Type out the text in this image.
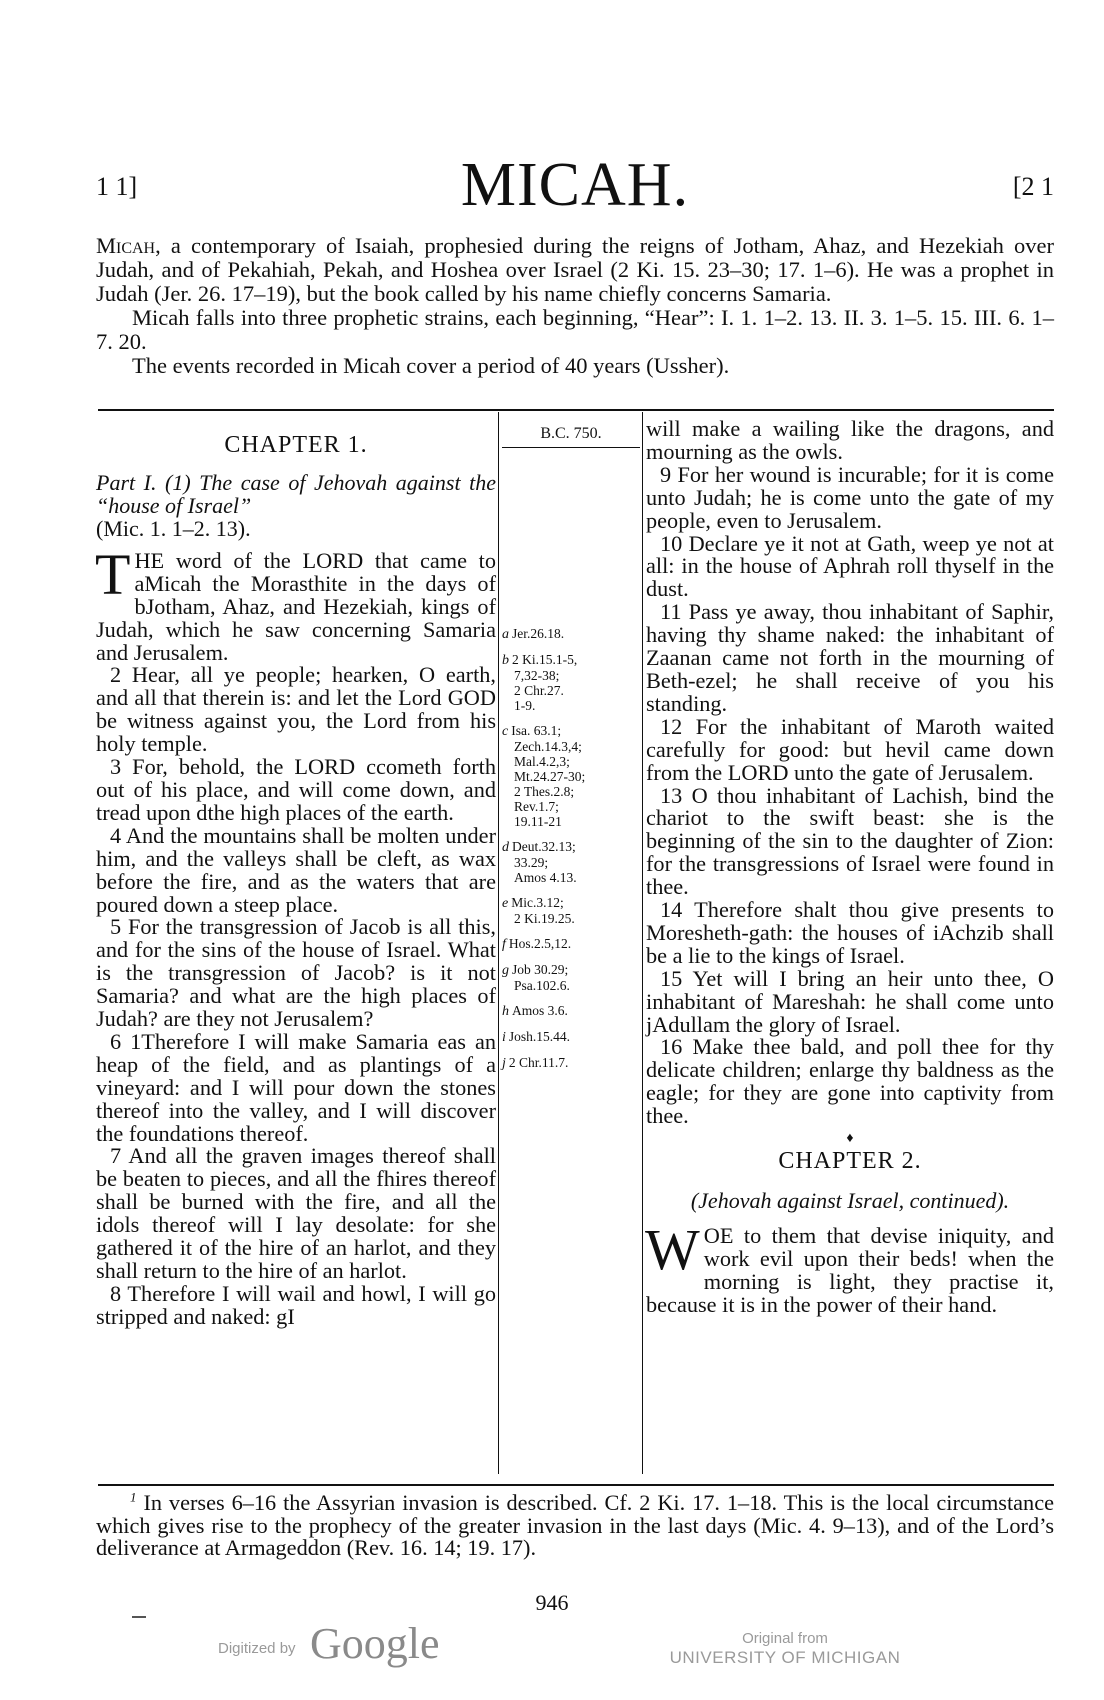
1 1]	MICAH.	[2 1

Micah, a contemporary of Isaiah, prophesied during the reigns of Jotham, Ahaz, and Hezekiah over Judah, and of Pekahiah, Pekah, and Hoshea over Israel (2 Ki. 15. 23–30; 17. 1–6). He was a prophet in Judah (Jer. 26. 17–19), but the book called by his name chiefly concerns Samaria.

Micah falls into three prophetic strains, each beginning, “Hear”: I. 1. 1–2. 13. II. 3. 1–5. 15. III. 6. 1–7. 20.

The events recorded in Micah cover a period of 40 years (Ussher).

CHAPTER 1.
Part I. (1) The case of Jehovah against the “house of Israel”
(Mic. 1. 1–2. 13).

THE word of the LORD that came to aMicah the Morasthite in the days of bJotham, Ahaz, and Hezekiah, kings of Judah, which he saw concerning Samaria and Jerusalem.

2 Hear, all ye people; hearken, O earth, and all that therein is: and let the Lord GOD be witness against you, the Lord from his holy temple.

3 For, behold, the LORD ccometh forth out of his place, and will come down, and tread upon dthe high places of the earth.

4 And the mountains shall be molten under him, and the valleys shall be cleft, as wax before the fire, and as the waters that are poured down a steep place.

5 For the transgression of Jacob is all this, and for the sins of the house of Israel. What is the transgression of Jacob? is it not Samaria? and what are the high places of Judah? are they not Jerusalem?

6 1Therefore I will make Samaria eas an heap of the field, and as plantings of a vineyard: and I will pour down the stones thereof into the valley, and I will discover the foundations thereof.

7 And all the graven images thereof shall be beaten to pieces, and all the fhires thereof shall be burned with the fire, and all the idols thereof will I lay desolate: for she gathered it of the hire of an harlot, and they shall return to the hire of an harlot.

8 Therefore I will wail and howl, I will go stripped and naked: gI

B.C. 750.
a Jer.26.18.
b 2 Ki.15.1-5,
7,32-38;
2 Chr.27.
1-9.
c Isa. 63.1;
Zech.14.3,4;
Mal.4.2,3;
Mt.24.27-30;
2 Thes.2.8;
Rev.1.7;
19.11-21
d Deut.32.13;
33.29;
Amos 4.13.
e Mic.3.12;
2 Ki.19.25.
f Hos.2.5,12.
g Job 30.29;
Psa.102.6.
h Amos 3.6.
i Josh.15.44.
j 2 Chr.11.7.

will make a wailing like the dragons, and mourning as the owls.

9 For her wound is incurable; for it is come unto Judah; he is come unto the gate of my people, even to Jerusalem.

10 Declare ye it not at Gath, weep ye not at all: in the house of Aphrah roll thyself in the dust.

11 Pass ye away, thou inhabitant of Saphir, having thy shame naked: the inhabitant of Zaanan came not forth in the mourning of Beth-ezel; he shall receive of you his standing.

12 For the inhabitant of Maroth waited carefully for good: but hevil came down from the LORD unto the gate of Jerusalem.

13 O thou inhabitant of Lachish, bind the chariot to the swift beast: she is the beginning of the sin to the daughter of Zion: for the transgressions of Israel were found in thee.

14 Therefore shalt thou give presents to Moresheth-gath: the houses of iAchzib shall be a lie to the kings of Israel.

15 Yet will I bring an heir unto thee, O inhabitant of Mareshah: he shall come unto jAdullam the glory of Israel.

16 Make thee bald, and poll thee for thy delicate children; enlarge thy baldness as the eagle; for they are gone into captivity from thee.

♦
CHAPTER 2.
(Jehovah against Israel, continued).

WOE to them that devise iniquity, and work evil upon their beds! when the morning is light, they practise it, because it is in the power of their hand.

$^1$ In verses 6–16 the Assyrian invasion is described. Cf. 2 Ki. 17. 1–18. This is the local circumstance which gives rise to the prophecy of the greater invasion in the last days (Mic. 4. 9–13), and of the Lord’s deliverance at Armageddon (Rev. 16. 14; 19. 17).

946
Digitized by Google	Original from
UNIVERSITY OF MICHIGAN
